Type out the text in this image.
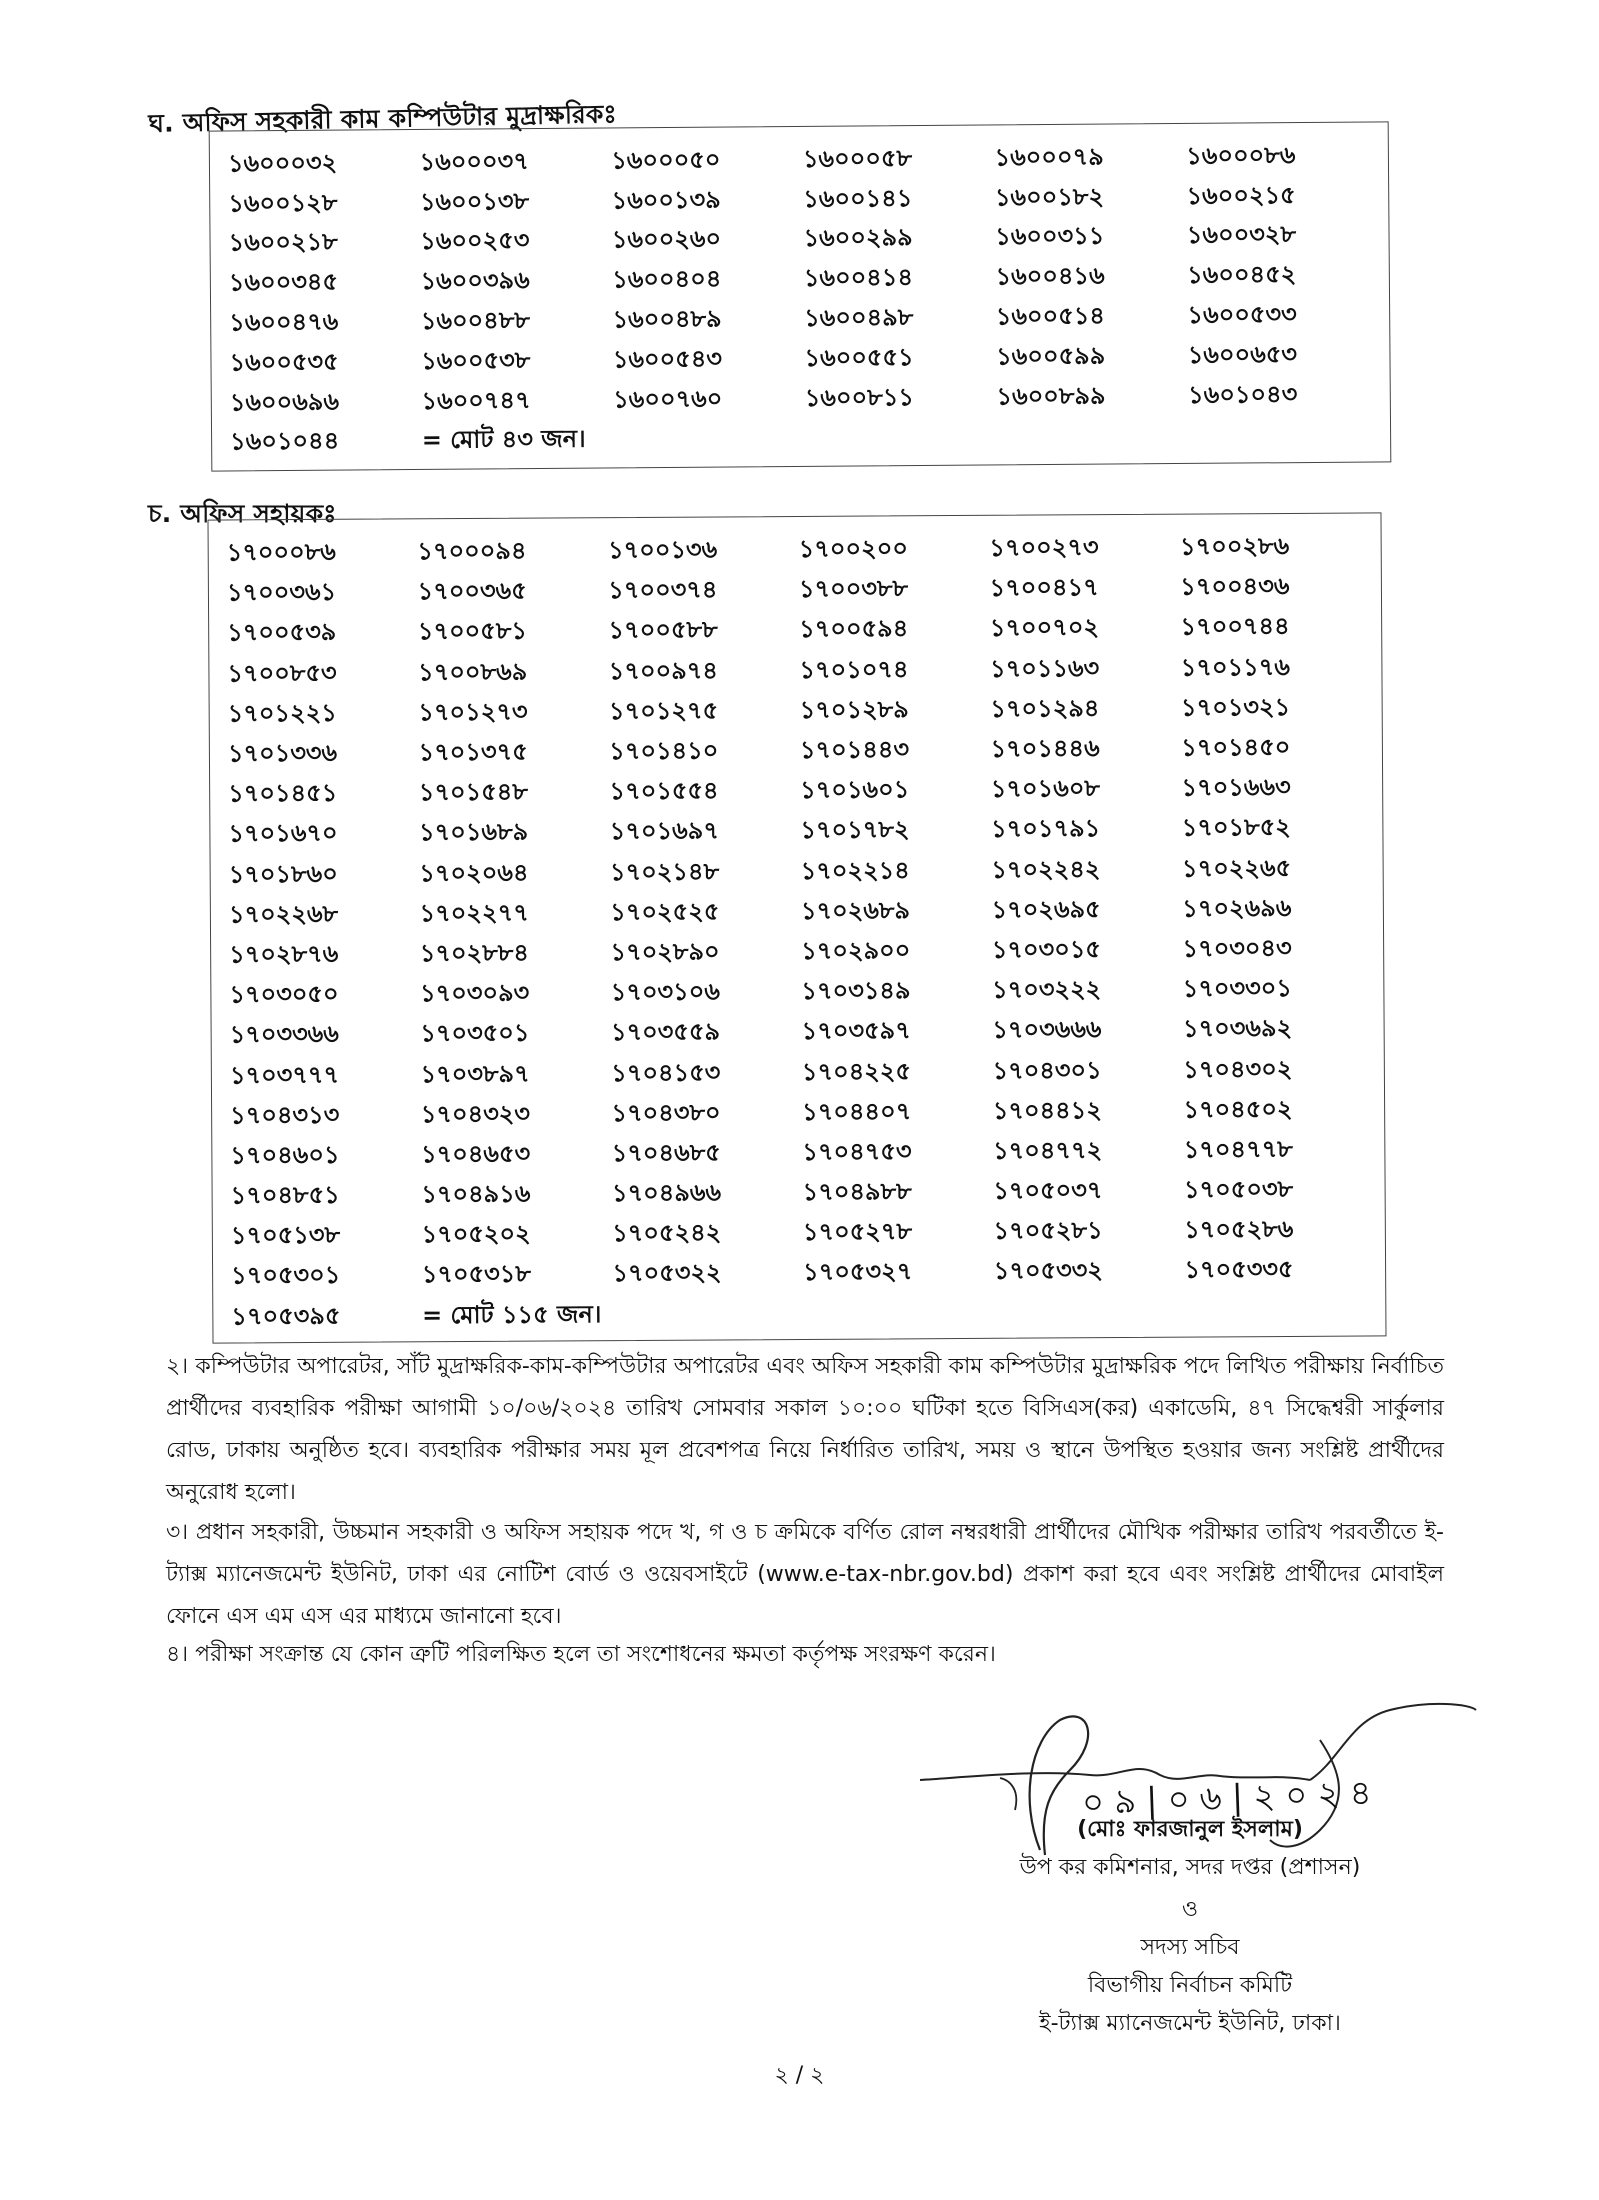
ঘ. অফিস সহকারী কাম কম্পিউটার মুদ্রাক্ষরিকঃ
১৬০০০৩২	১৬০০০৩৭	১৬০০০৫০	১৬০০০৫৮	১৬০০০৭৯	১৬০০০৮৬
১৬০০১২৮	১৬০০১৩৮	১৬০০১৩৯	১৬০০১৪১	১৬০০১৮২	১৬০০২১৫
১৬০০২১৮	১৬০০২৫৩	১৬০০২৬০	১৬০০২৯৯	১৬০০৩১১	১৬০০৩২৮
১৬০০৩৪৫	১৬০০৩৯৬	১৬০০৪০৪	১৬০০৪১৪	১৬০০৪১৬	১৬০০৪৫২
১৬০০৪৭৬	১৬০০৪৮৮	১৬০০৪৮৯	১৬০০৪৯৮	১৬০০৫১৪	১৬০০৫৩৩
১৬০০৫৩৫	১৬০০৫৩৮	১৬০০৫৪৩	১৬০০৫৫১	১৬০০৫৯৯	১৬০০৬৫৩
১৬০০৬৯৬	১৬০০৭৪৭	১৬০০৭৬০	১৬০০৮১১	১৬০০৮৯৯	১৬০১০৪৩
১৬০১০৪৪	= মোট ৪৩ জন।
চ. অফিস সহায়কঃ
১৭০০০৮৬	১৭০০০৯৪	১৭০০১৩৬	১৭০০২০০	১৭০০২৭৩	১৭০০২৮৬
১৭০০৩৬১	১৭০০৩৬৫	১৭০০৩৭৪	১৭০০৩৮৮	১৭০০৪১৭	১৭০০৪৩৬
১৭০০৫৩৯	১৭০০৫৮১	১৭০০৫৮৮	১৭০০৫৯৪	১৭০০৭০২	১৭০০৭৪৪
১৭০০৮৫৩	১৭০০৮৬৯	১৭০০৯৭৪	১৭০১০৭৪	১৭০১১৬৩	১৭০১১৭৬
১৭০১২২১	১৭০১২৭৩	১৭০১২৭৫	১৭০১২৮৯	১৭০১২৯৪	১৭০১৩২১
১৭০১৩৩৬	১৭০১৩৭৫	১৭০১৪১০	১৭০১৪৪৩	১৭০১৪৪৬	১৭০১৪৫০
১৭০১৪৫১	১৭০১৫৪৮	১৭০১৫৫৪	১৭০১৬০১	১৭০১৬০৮	১৭০১৬৬৩
১৭০১৬৭০	১৭০১৬৮৯	১৭০১৬৯৭	১৭০১৭৮২	১৭০১৭৯১	১৭০১৮৫২
১৭০১৮৬০	১৭০২০৬৪	১৭০২১৪৮	১৭০২২১৪	১৭০২২৪২	১৭০২২৬৫
১৭০২২৬৮	১৭০২২৭৭	১৭০২৫২৫	১৭০২৬৮৯	১৭০২৬৯৫	১৭০২৬৯৬
১৭০২৮৭৬	১৭০২৮৮৪	১৭০২৮৯০	১৭০২৯০০	১৭০৩০১৫	১৭০৩০৪৩
১৭০৩০৫০	১৭০৩০৯৩	১৭০৩১০৬	১৭০৩১৪৯	১৭০৩২২২	১৭০৩৩০১
১৭০৩৩৬৬	১৭০৩৫০১	১৭০৩৫৫৯	১৭০৩৫৯৭	১৭০৩৬৬৬	১৭০৩৬৯২
১৭০৩৭৭৭	১৭০৩৮৯৭	১৭০৪১৫৩	১৭০৪২২৫	১৭০৪৩০১	১৭০৪৩০২
১৭০৪৩১৩	১৭০৪৩২৩	১৭০৪৩৮০	১৭০৪৪০৭	১৭০৪৪১২	১৭০৪৫০২
১৭০৪৬০১	১৭০৪৬৫৩	১৭০৪৬৮৫	১৭০৪৭৫৩	১৭০৪৭৭২	১৭০৪৭৭৮
১৭০৪৮৫১	১৭০৪৯১৬	১৭০৪৯৬৬	১৭০৪৯৮৮	১৭০৫০৩৭	১৭০৫০৩৮
১৭০৫১৩৮	১৭০৫২০২	১৭০৫২৪২	১৭০৫২৭৮	১৭০৫২৮১	১৭০৫২৮৬
১৭০৫৩০১	১৭০৫৩১৮	১৭০৫৩২২	১৭০৫৩২৭	১৭০৫৩৩২	১৭০৫৩৩৫
১৭০৫৩৯৫	= মোট ১১৫ জন।
২। কম্পিউটার অপারেটর, সাঁট মুদ্রাক্ষরিক-কাম-কম্পিউটার অপারেটর এবং অফিস সহকারী কাম কম্পিউটার মুদ্রাক্ষরিক পদে লিখিত পরীক্ষায় নির্বাচিত প্রার্থীদের ব্যবহারিক পরীক্ষা আগামী ১০/০৬/২০২৪ তারিখ সোমবার সকাল ১০:০০ ঘটিকা হতে বিসিএস(কর) একাডেমি, ৪৭ সিদ্ধেশ্বরী সার্কুলার রোড, ঢাকায় অনুষ্ঠিত হবে। ব্যবহারিক পরীক্ষার সময় মূল প্রবেশপত্র নিয়ে নির্ধারিত তারিখ, সময় ও স্থানে উপস্থিত হওয়ার জন্য সংশ্লিষ্ট প্রার্থীদের অনুরোধ হলো।
৩। প্রধান সহকারী, উচ্চমান সহকারী ও অফিস সহায়ক পদে খ, গ ও চ ক্রমিকে বর্ণিত রোল নম্বরধারী প্রার্থীদের মৌখিক পরীক্ষার তারিখ পরবর্তীতে ই-ট্যাক্স ম্যানেজমেন্ট ইউনিট, ঢাকা এর নোটিশ বোর্ড ও ওয়েবসাইটে (www.e-tax-nbr.gov.bd) প্রকাশ করা হবে এবং সংশ্লিষ্ট প্রার্থীদের মোবাইল ফোনে এস এম এস এর মাধ্যমে জানানো হবে।
৪। পরীক্ষা সংক্রান্ত যে কোন ত্রুটি পরিলক্ষিত হলে তা সংশোধনের ক্ষমতা কর্তৃপক্ষ সংরক্ষণ করেন।
০৯|০৬|২০২৪
(মোঃ ফারজানুল ইসলাম)
উপ কর কমিশনার, সদর দপ্তর (প্রশাসন)
ও
সদস্য সচিব
বিভাগীয় নির্বাচন কমিটি
ই-ট্যাক্স ম্যানেজমেন্ট ইউনিট, ঢাকা।
২ / ২
